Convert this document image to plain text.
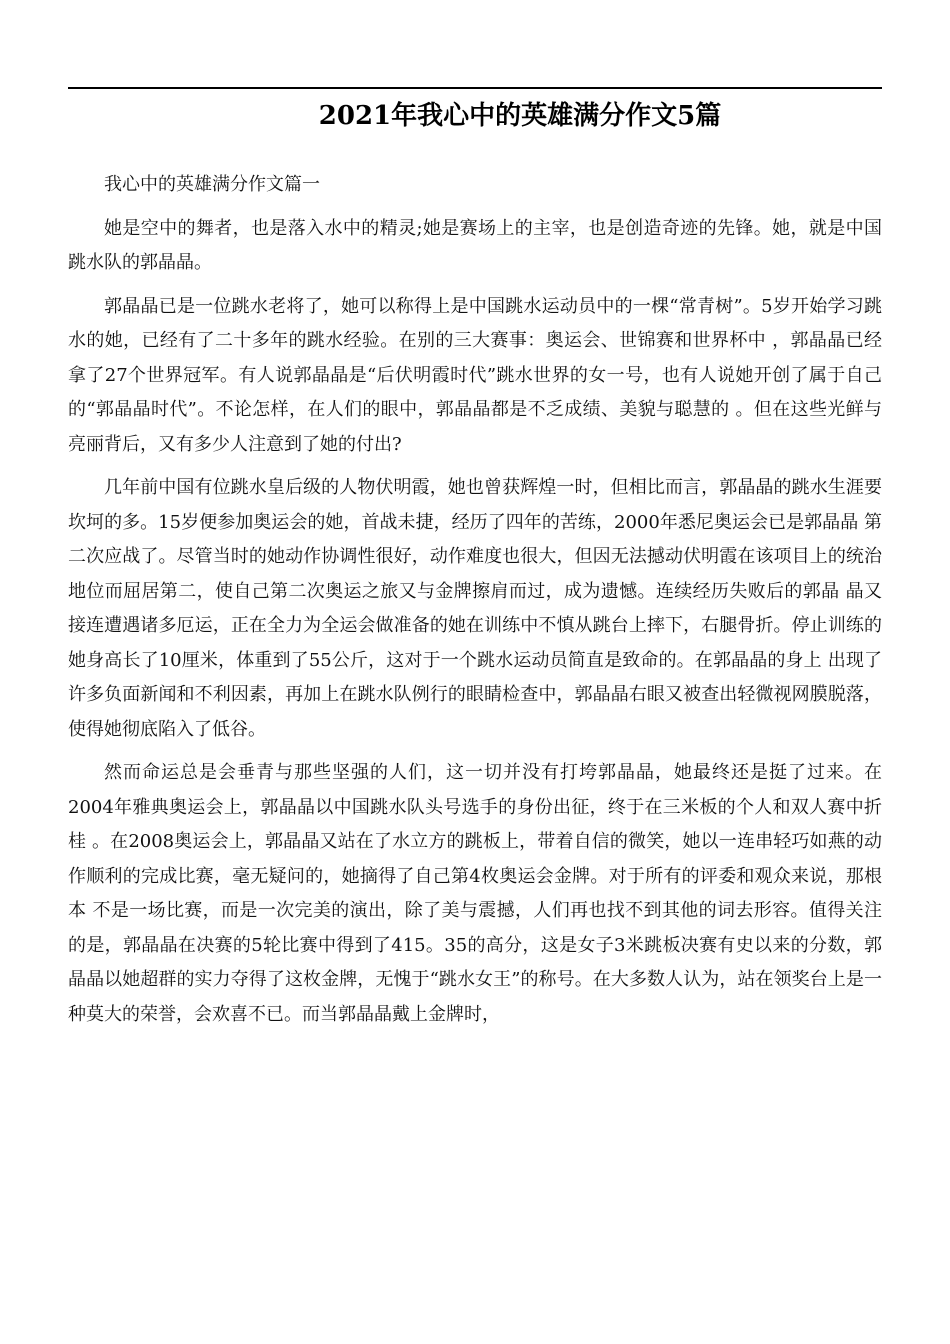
2021年我心中的英雄满分作文5篇

我心中的英雄满分作文篇一

她是空中的舞者，也是落入水中的精灵;她是赛场上的主宰，也是创造奇迹的先锋。她，就是中国跳水队的郭晶晶。

郭晶晶已是一位跳水老将了，她可以称得上是中国跳水运动员中的一棵“常青树”。5岁开始学习跳水的她，已经有了二十多年的跳水经验。在别的三大赛事：奥运会、世锦赛和世界杯中 ，郭晶晶已经拿了27个世界冠军。有人说郭晶晶是“后伏明霞时代”跳水世界的女一号，也有人说她开创了属于自己的“郭晶晶时代”。不论怎样，在人们的眼中，郭晶晶都是不乏成绩、美貌与聪慧的 。但在这些光鲜与亮丽背后，又有多少人注意到了她的付出?

几年前中国有位跳水皇后级的人物伏明霞，她也曾获辉煌一时，但相比而言，郭晶晶的跳水生涯要坎坷的多。15岁便参加奥运会的她，首战未捷，经历了四年的苦练，2000年悉尼奥运会已是郭晶晶 第二次应战了。尽管当时的她动作协调性很好，动作难度也很大，但因无法撼动伏明霞在该项目上的统治地位而屈居第二，使自己第二次奥运之旅又与金牌擦肩而过，成为遗憾。连续经历失败后的郭晶 晶又接连遭遇诸多厄运，正在全力为全运会做准备的她在训练中不慎从跳台上摔下，右腿骨折。停止训练的她身高长了10厘米，体重到了55公斤，这对于一个跳水运动员简直是致命的。在郭晶晶的身上 出现了许多负面新闻和不利因素，再加上在跳水队例行的眼睛检查中，郭晶晶右眼又被查出轻微视网膜脱落，使得她彻底陷入了低谷。

然而命运总是会垂青与那些坚强的人们，这一切并没有打垮郭晶晶，她最终还是挺了过来。在2004年雅典奥运会上，郭晶晶以中国跳水队头号选手的身份出征，终于在三米板的个人和双人赛中折桂 。在2008奥运会上，郭晶晶又站在了水立方的跳板上，带着自信的微笑，她以一连串轻巧如燕的动作顺利的完成比赛，毫无疑问的，她摘得了自己第4枚奥运会金牌。对于所有的评委和观众来说，那根本 不是一场比赛，而是一次完美的演出，除了美与震撼，人们再也找不到其他的词去形容。值得关注的是，郭晶晶在决赛的5轮比赛中得到了415。35的高分，这是女子3米跳板决赛有史以来的分数，郭 晶晶以她超群的实力夺得了这枚金牌，无愧于“跳水女王”的称号。在大多数人认为，站在领奖台上是一种莫大的荣誉，会欢喜不已。而当郭晶晶戴上金牌时，
